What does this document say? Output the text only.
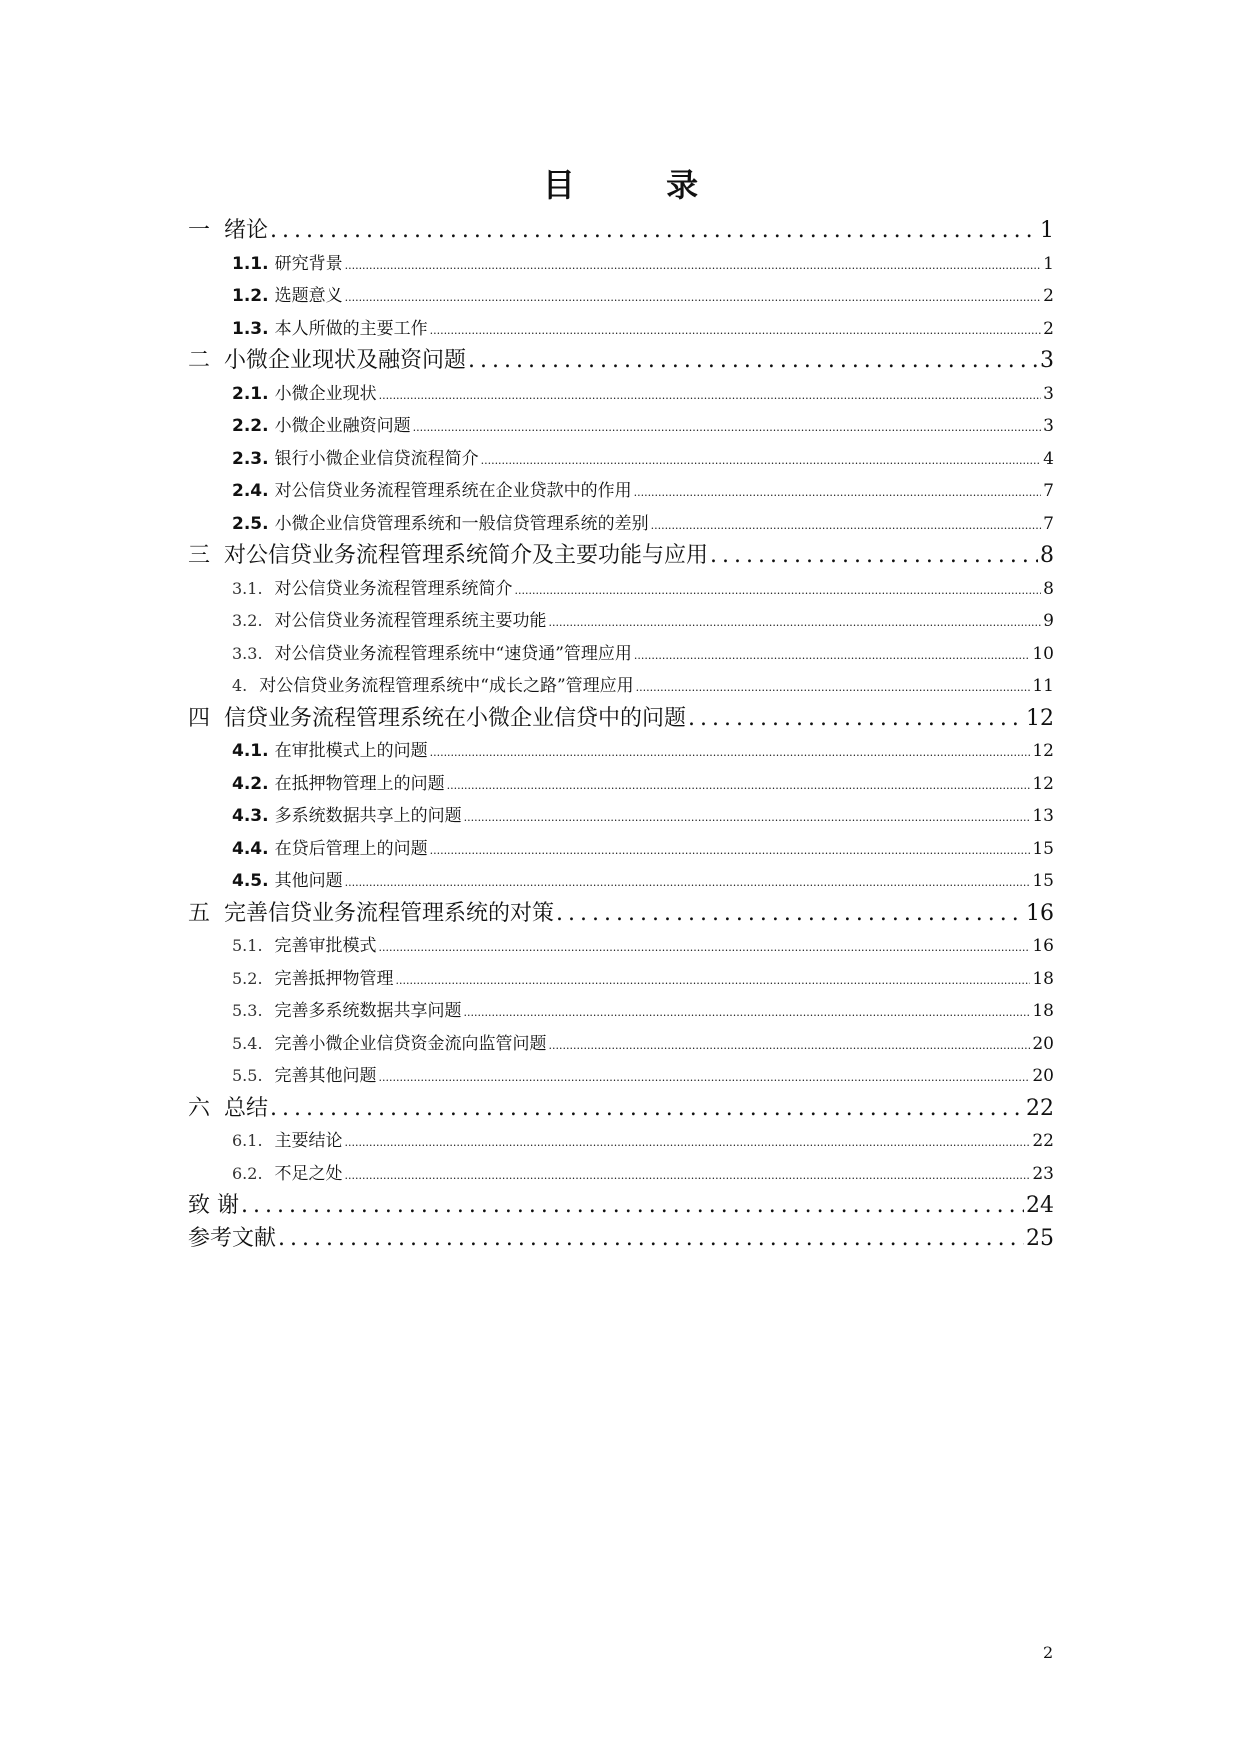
目 录
一 绪论 .....	1
1.1. 研究背景 .....	1
1.2. 选题意义 .....	2
1.3. 本人所做的主要工作 .....	2
二 小微企业现状及融资问题 .....	3
2.1. 小微企业现状 .....	3
2.2. 小微企业融资问题 .....	3
2.3. 银行小微企业信贷流程简介 .....	4
2.4. 对公信贷业务流程管理系统在企业贷款中的作用 .....	7
2.5. 小微企业信贷管理系统和一般信贷管理系统的差别 .....	7
三 对公信贷业务流程管理系统简介及主要功能与应用 .....	8
3.1. 对公信贷业务流程管理系统简介 .....	8
3.2. 对公信贷业务流程管理系统主要功能 .....	9
3.3. 对公信贷业务流程管理系统中“速贷通”管理应用 .....	10
4. 对公信贷业务流程管理系统中“成长之路”管理应用 .....	11
四 信贷业务流程管理系统在小微企业信贷中的问题 .....	12
4.1. 在审批模式上的问题 .....	12
4.2. 在抵押物管理上的问题 .....	12
4.3. 多系统数据共享上的问题 .....	13
4.4. 在贷后管理上的问题 .....	15
4.5. 其他问题 .....	15
五 完善信贷业务流程管理系统的对策 .....	16
5.1. 完善审批模式 .....	16
5.2. 完善抵押物管理 .....	18
5.3. 完善多系统数据共享问题 .....	18
5.4. 完善小微企业信贷资金流向监管问题 .....	20
5.5. 完善其他问题 .....	20
六 总结 .....	22
6.1. 主要结论 .....	22
6.2. 不足之处 .....	23
致 谢 .....	24
参考文献 .....	25
2
